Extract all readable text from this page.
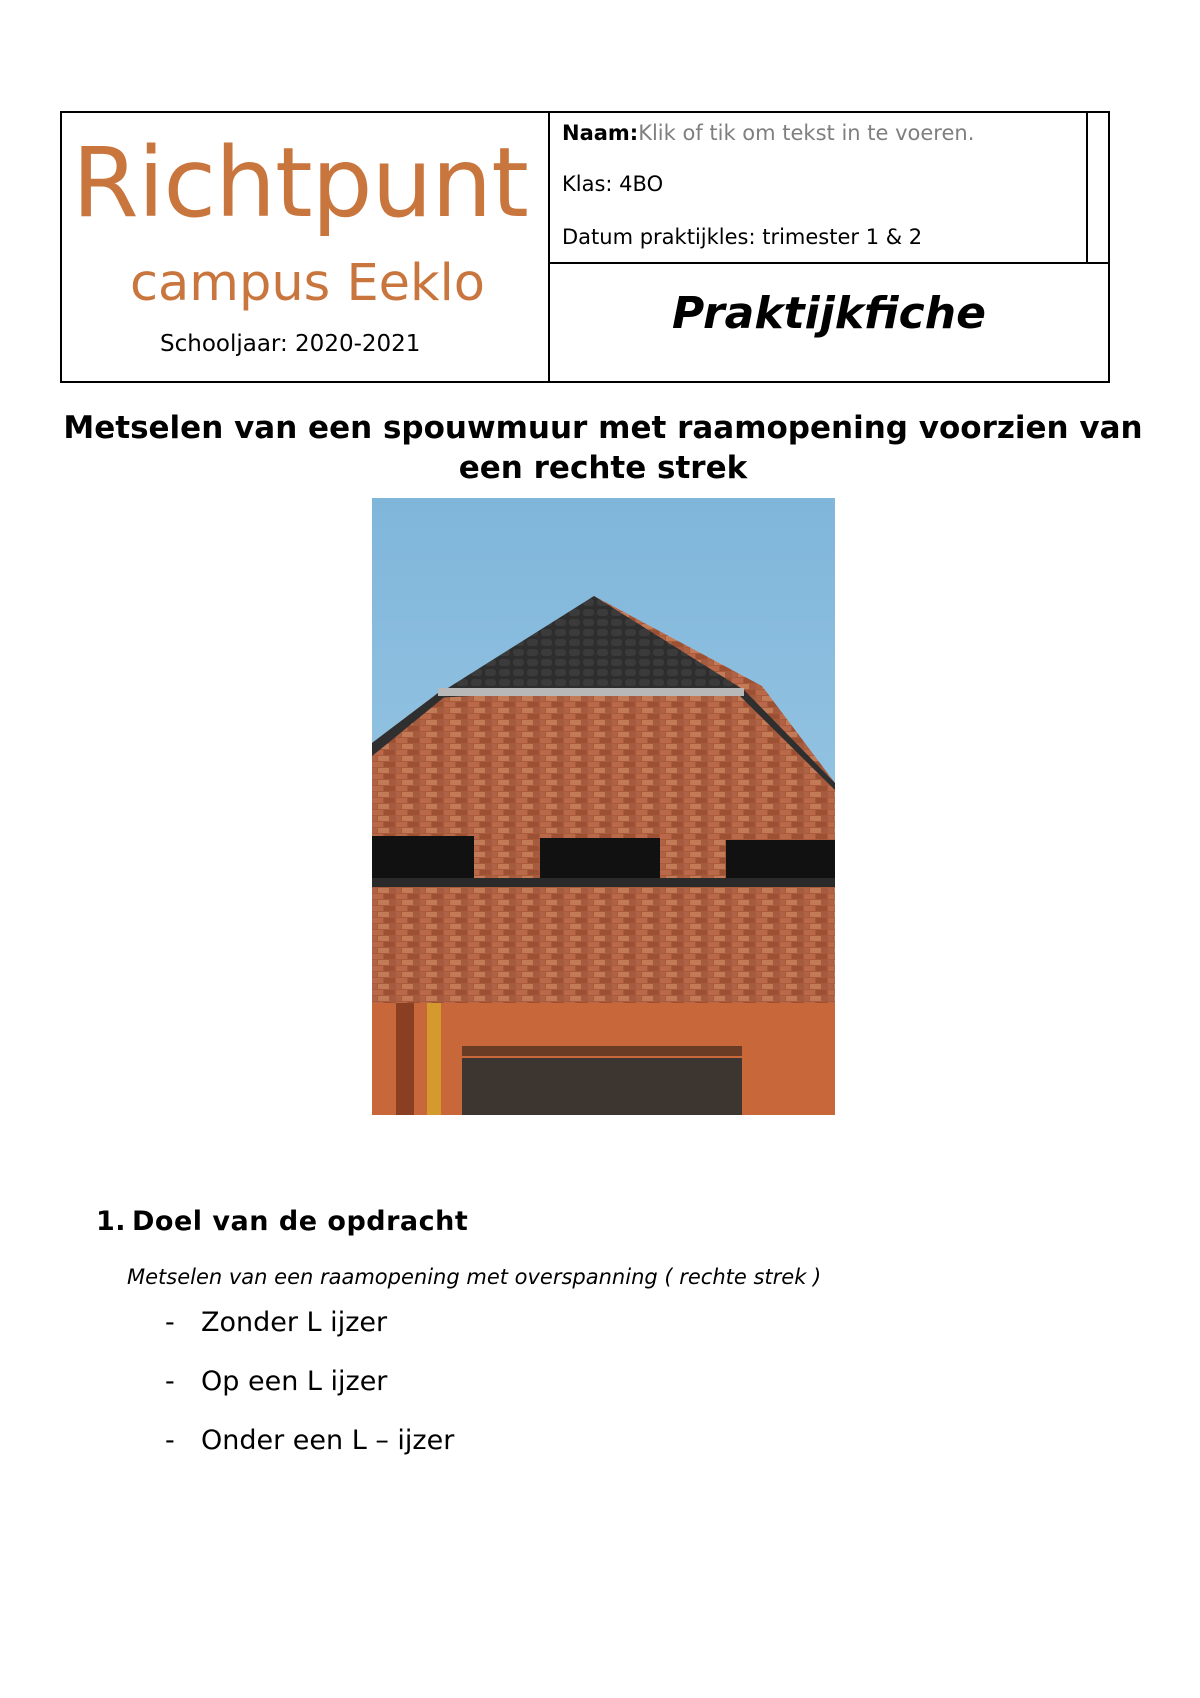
Richtpunt
campus Eeklo
Schooljaar: 2020-2021
Naam:Klik of tik om tekst in te voeren.
Klas: 4BO
Datum praktijkles: trimester 1 & 2
Praktijkfiche
Metselen van een spouwmuur met raamopening voorzien van een rechte strek
1. Doel van de opdracht
Metselen van een raamopening met overspanning ( rechte strek )
- Zonder L ijzer
- Op een L ijzer
- Onder een L – ijzer
